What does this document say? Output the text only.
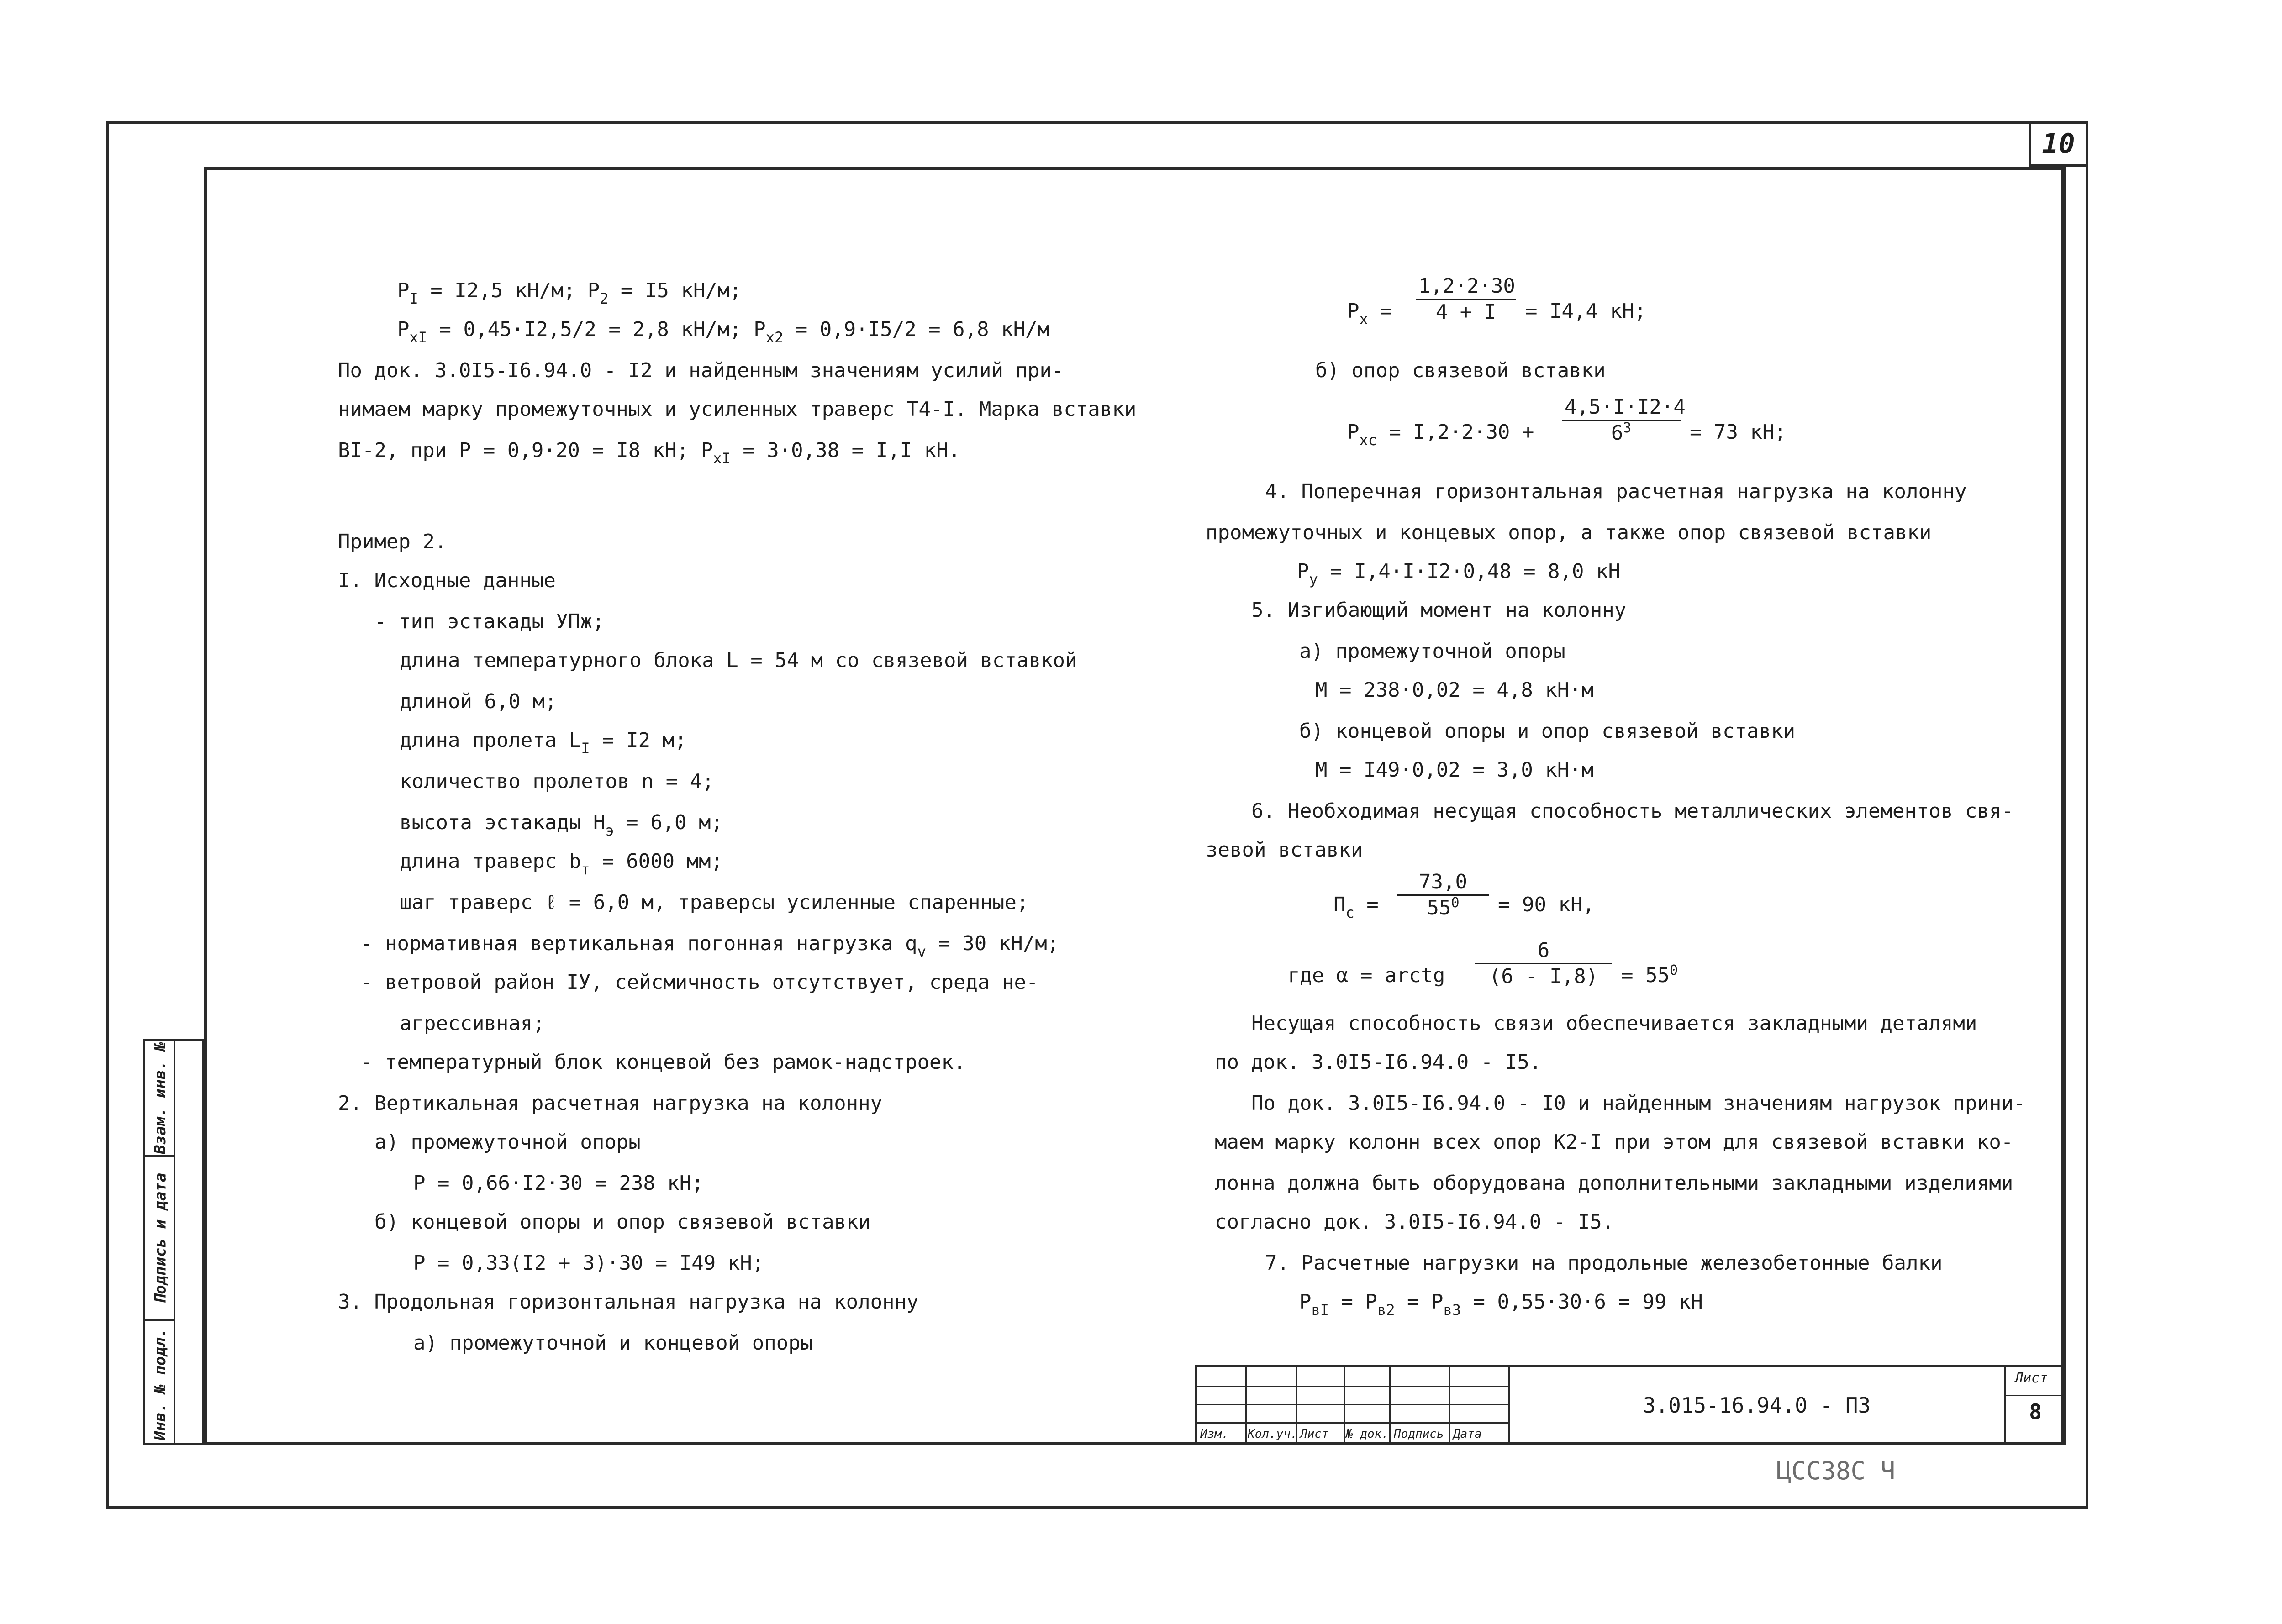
10
Инв. № подл.
Подпись и дата
Взам. инв. №
$Р_I = I2,5$ кН/м; $Р_2 = I5$ кН/м;
$Р_{хI} = 0,45\cdot I2,5/2 = 2,8$ кН/м; $Р_{х2} = 0,9\cdot I5/2 = 6,8$ кН/м
По док. 3.0I5-I6.94.0 - I2 и найденным значениям усилий при-
нимаем марку промежуточных и усиленных траверс Т4-I. Марка вставки
BI-2, при Р = 0,9·20 = I8 кН; $Р_{хI} = 3\cdot 0,38 = I,I$ кН.
Пример 2.
I. Исходные данные
- тип эстакады УПж;
длина температурного блока L = 54 м со связевой вставкой
длиной 6,0 м;
длина пролета $L_I = I2$ м;
количество пролетов n = 4;
высота эстакады $Н_э = 6,0$ м;
длина траверс $b_т = 6000$ мм;
шаг траверс ℓ = 6,0 м, траверсы усиленные спаренные;
- нормативная вертикальная погонная нагрузка $q_v = 30$ кН/м;
- ветровой район IУ, сейсмичность отсутствует, среда не-
агрессивная;
- температурный блок концевой без рамок-надстроек.
2. Вертикальная расчетная нагрузка на колонну
а) промежуточной опоры
Р = 0,66·I2·30 = 238 кН;
б) концевой опоры и опор связевой вставки
Р = 0,33(I2 + 3)·30 = I49 кН;
3. Продольная горизонтальная нагрузка на колонну
а) промежуточной и концевой опоры
б) опор связевой вставки
4. Поперечная горизонтальная расчетная нагрузка на колонну
промежуточных и концевых опор, а также опор связевой вставки
$Р_у = I,4\cdot I\cdot I2\cdot 0,48 = 8,0$ кН
5. Изгибающий момент на колонну
а) промежуточной опоры
М = 238·0,02 = 4,8 кН·м
б) концевой опоры и опор связевой вставки
М = I49·0,02 = 3,0 кН·м
6. Необходимая несущая способность металлических элементов свя-
зевой вставки
Несущая способность связи обеспечивается закладными деталями
по док. 3.0I5-I6.94.0 - I5.
По док. 3.0I5-I6.94.0 - I0 и найденным значениям нагрузок прини-
маем марку колонн всех опор К2-I при этом для связевой вставки ко-
лонна должна быть оборудована дополнительными закладными изделиями
согласно док. 3.0I5-I6.94.0 - I5.
7. Расчетные нагрузки на продольные железобетонные балки
$Р_{вI} = Р_{в2} = Р_{в3} = 0,55\cdot 30\cdot 6 = 99$ кН
$Р_х = \frac{1,2\cdot 2\cdot 30}{4 + I} = I4,4$ кН;
$Р_{хс} = I,2\cdot 2\cdot 30 + \frac{4,5\cdot I\cdot I2\cdot 4}{6^3} = 73$ кН;
$П_с = \frac{73,0}{55^0} = 90$ кН,
где α = arctg $\frac{6}{(6 - I,8)} = 55^0$
Изм. Кол.уч. Лист № док. Подпись Дата
3.015-16.94.0 - ПЗ
Лист
8
ЦССЗ8С Ч
